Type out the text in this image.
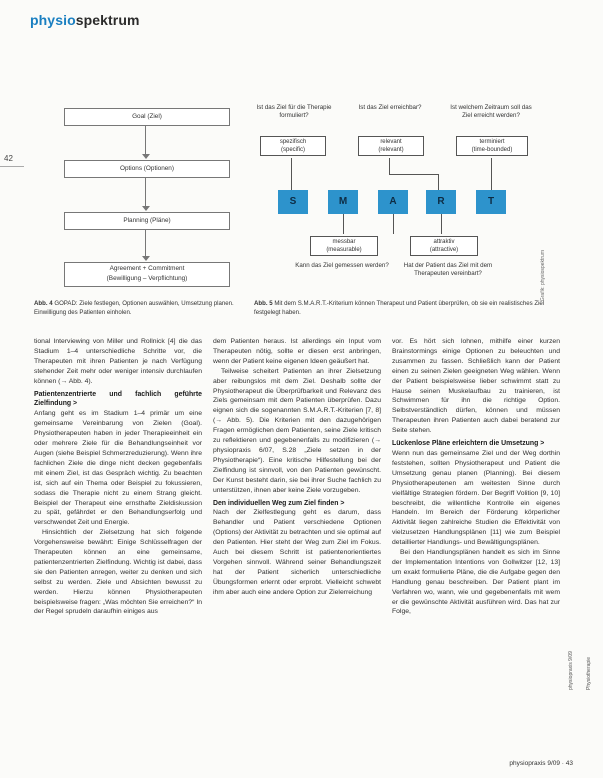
physiospektrum
42
Goal (Ziel)
Options (Optionen)
Planning (Pläne)
Agreement + Commitment
(Bewilligung – Verpflichtung)
Ist das Ziel für die Therapie formuliert?
Ist das Ziel erreichbar?	Ist welchem Zeitraum soll das Ziel erreicht werden?
spezifisch
(specific)
relevant
(relevant)
terminiert
(time-bounded)
S	M	A	R	T
messbar
(measurable)
attraktiv
(attractive)
Kann das Ziel gemessen werden?	Hat der Patient das Ziel mit dem Therapeuten vereinbart?	Grafik: physiospektrum
Abb. 4 GOPAD: Ziele festlegen, Optionen auswählen, Umsetzung planen. Einwilligung des Patienten einholen.
Abb. 5 Mit dem S.M.A.R.T.-Kriterium können Therapeut und Patient überprüfen, ob sie ein realistisches Ziel festgelegt haben.

tional Interviewing von Miller und Rollnick [4] die das Stadium 1–4 unterschiedliche Schritte vor, die Therapeuten mit ihren Patienten je nach Verfügung stehender Zeit mehr oder weniger intensiv durchlaufen können (→ Abb. 4).

Patientenzentrierte und fachlich geführte Zielfindung >

Anfang geht es im Stadium 1–4 primär um eine gemeinsame Vereinbarung von Zielen (Goal). Physiotherapeuten haben in jeder Therapieeinheit ein oder mehrere Ziele für die Behandlungseinheit vor Augen (siehe Beispiel Schmerzreduzierung). Wenn ihre fachlichen Ziele die dinge nicht decken gegebenfalls mit einem Ziel, ist das Gespräch wichtig. Zu beachten ist, sich auf ein Thema oder Beispiel zu fokussieren, sodass die Therapie nicht zu einem Strang gleicht. Beispiel der Therapeut eine ernsthafte Zieldiskussion zu spät, gefährdet er den Behandlungserfolg und verschwendet Zeit und Energie.

Hinsichtlich der Zielsetzung hat sich folgende Vorgehensweise bewährt: Einige Schlüsselfragen der Therapeuten können an eine gemeinsame, patientenzentrierten Zielfindung. Wichtig ist dabei, dass sie den Patienten anregen, weiter zu denken und sich selbst zu werden. Ziele und Absichten bewusst zu werden. Hierzu können Physiotherapeuten beispielsweise fragen: „Was möchten Sie erreichen?“ In der Regel sprudeln daraufhin einiges aus

dem Patienten heraus. Ist allerdings ein Input vom Therapeuten nötig, sollte er diesen erst anbringen, wenn der Patient keine eigenen Ideen geäußert hat.

Teilweise scheitert Patienten an ihrer Zielsetzung aber reibungslos mit dem Ziel. Deshalb sollte der Physiotherapeut die Überprüfbarkeit und Relevanz des Ziels gemeinsam mit dem Patienten überprüfen. Dazu eignen sich die sogenannten S.M.A.R.T.-Kriterien [7, 8] (→ Abb. 5). Die Kriterien mit den dazugehörigen Fragen ermöglichen dem Patienten, seine Ziele kritisch zu reflektieren und gegebenenfalls zu modifizieren (→ physiopraxis 6/07, S.28 „Ziele setzen in der Physiotherapie“). Eine kritische Hilfestellung bei der Zielfindung ist sinnvoll, von den Patienten gewünscht. Der Kunst besteht darin, sie bei ihrer Suche fachlich zu unterstützen, ihnen aber keine Ziele vorzugeben.

Den individuellen Weg zum Ziel finden >

Nach der Zielfestlegung geht es darum, dass Behandler und Patient verschiedene Optionen (Options) der Aktivität zu betrachten und sie optimal auf den Patienten. Hier steht der Weg zum Ziel im Fokus. Auch bei diesem Schritt ist patientenorientiertes Vorgehen sinnvoll. Während seiner Behandlungszeit hat der Patient sicherlich unterschiedliche Übungsformen erlernt oder erprobt. Vielleicht schwebt ihm aber auch eine andere Option zur Zielerreichung

vor. Es hört sich lohnen, mithilfe einer kurzen Brainstormings einige Optionen zu beleuchten und zusammen zu fassen. Schließlich kann der Patient einen zu seinen Zielen geeigneten Weg wählen. Wenn der Patient beispielsweise lieber schwimmt statt zu Hause seinen Muskelaufbau zu trainieren, ist Schwimmen für ihn die richtige Option. Selbstverständlich dürfen, können und müssen Therapeuten ihren Patienten auch dabei beratend zur Seite stehen.

Lückenlose Pläne erleichtern die Umsetzung >

Wenn nun das gemeinsame Ziel und der Weg dorthin feststehen, sollten Physiotherapeut und Patient die Umsetzung genau planen (Planning). Bei diesem Physiotherapeutenen am weitesten Sinne durch vielfältige Strategien fördern. Der Begriff Volition [9, 10] beschreibt, die willentliche Kontrolle ein eigenes Handeln. Im Bereich der Förderung körperlicher Aktivität liegen zahlreiche Studien die Effektivität von vielzusetzen Handlungsplänen [11] wie zum Beispiel detaillierter Handlungs- und Bewältigungsplänen.

Bei den Handlungsplänen handelt es sich im Sinne der Implementation Intentions von Gollwitzer [12, 13] um exakt formulierte Pläne, die die Aufgabe gegen den Handlung genau beschreiben. Der Patient plant im Verfahren wo, wann, wie und gegebenenfalls mit wem er die gewünschte Aktivität ausführen wird. Das hat zur Folge,

physiopraxis 9/09 Physiotherapie
physiopraxis 9/09 · 43
